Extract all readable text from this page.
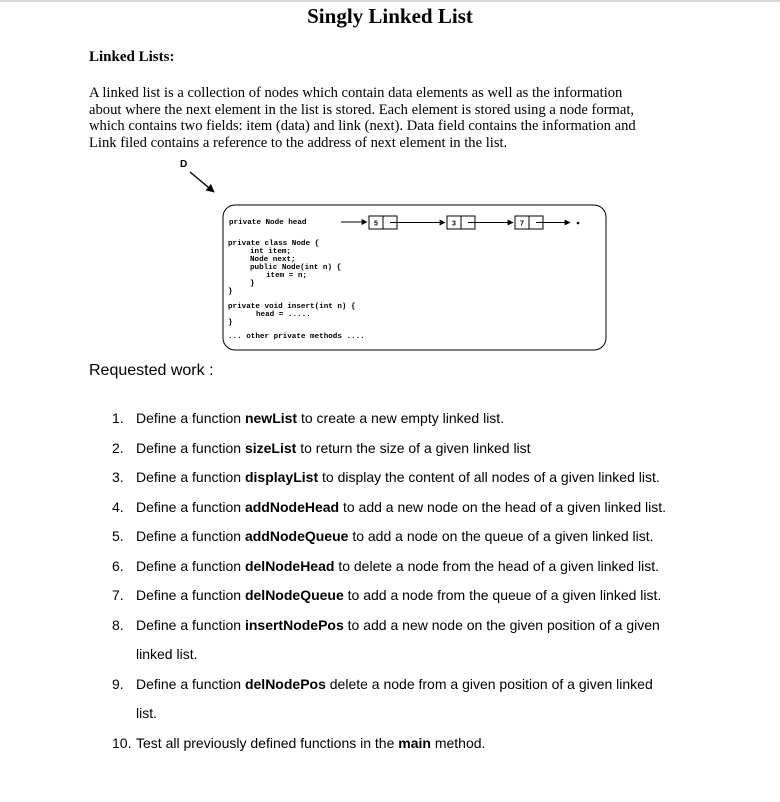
Singly Linked List
Linked Lists:
A linked list is a collection of nodes which contain data elements as well as the information
about where the next element in the list is stored. Each element is stored using a node format,
which contains two fields: item (data) and link (next). Data field contains the information and
Link filed contains a reference to the address of next element in the list.
D
private Node head
private class Node {
int item;
Node next;
public Node(int n) {
item = n;
}
}
private void insert(int n) {
head = .....
}
... other private methods ....
5	3	7
Requested work :
1. Define a function newList to create a new empty linked list.
2. Define a function sizeList to return the size of a given linked list
3. Define a function displayList to display the content of all nodes of a given linked list.
4. Define a function addNodeHead to add a new node on the head of a given linked list.
5. Define a function addNodeQueue to add a node on the queue of a given linked list.
6. Define a function delNodeHead to delete a node from the head of a given linked list.
7. Define a function delNodeQueue to add a node from the queue of a given linked list.
8. Define a function insertNodePos to add a new node on the given position of a given
linked list.
9. Define a function delNodePos delete a node from a given position of a given linked
list.
10. Test all previously defined functions in the main method.
